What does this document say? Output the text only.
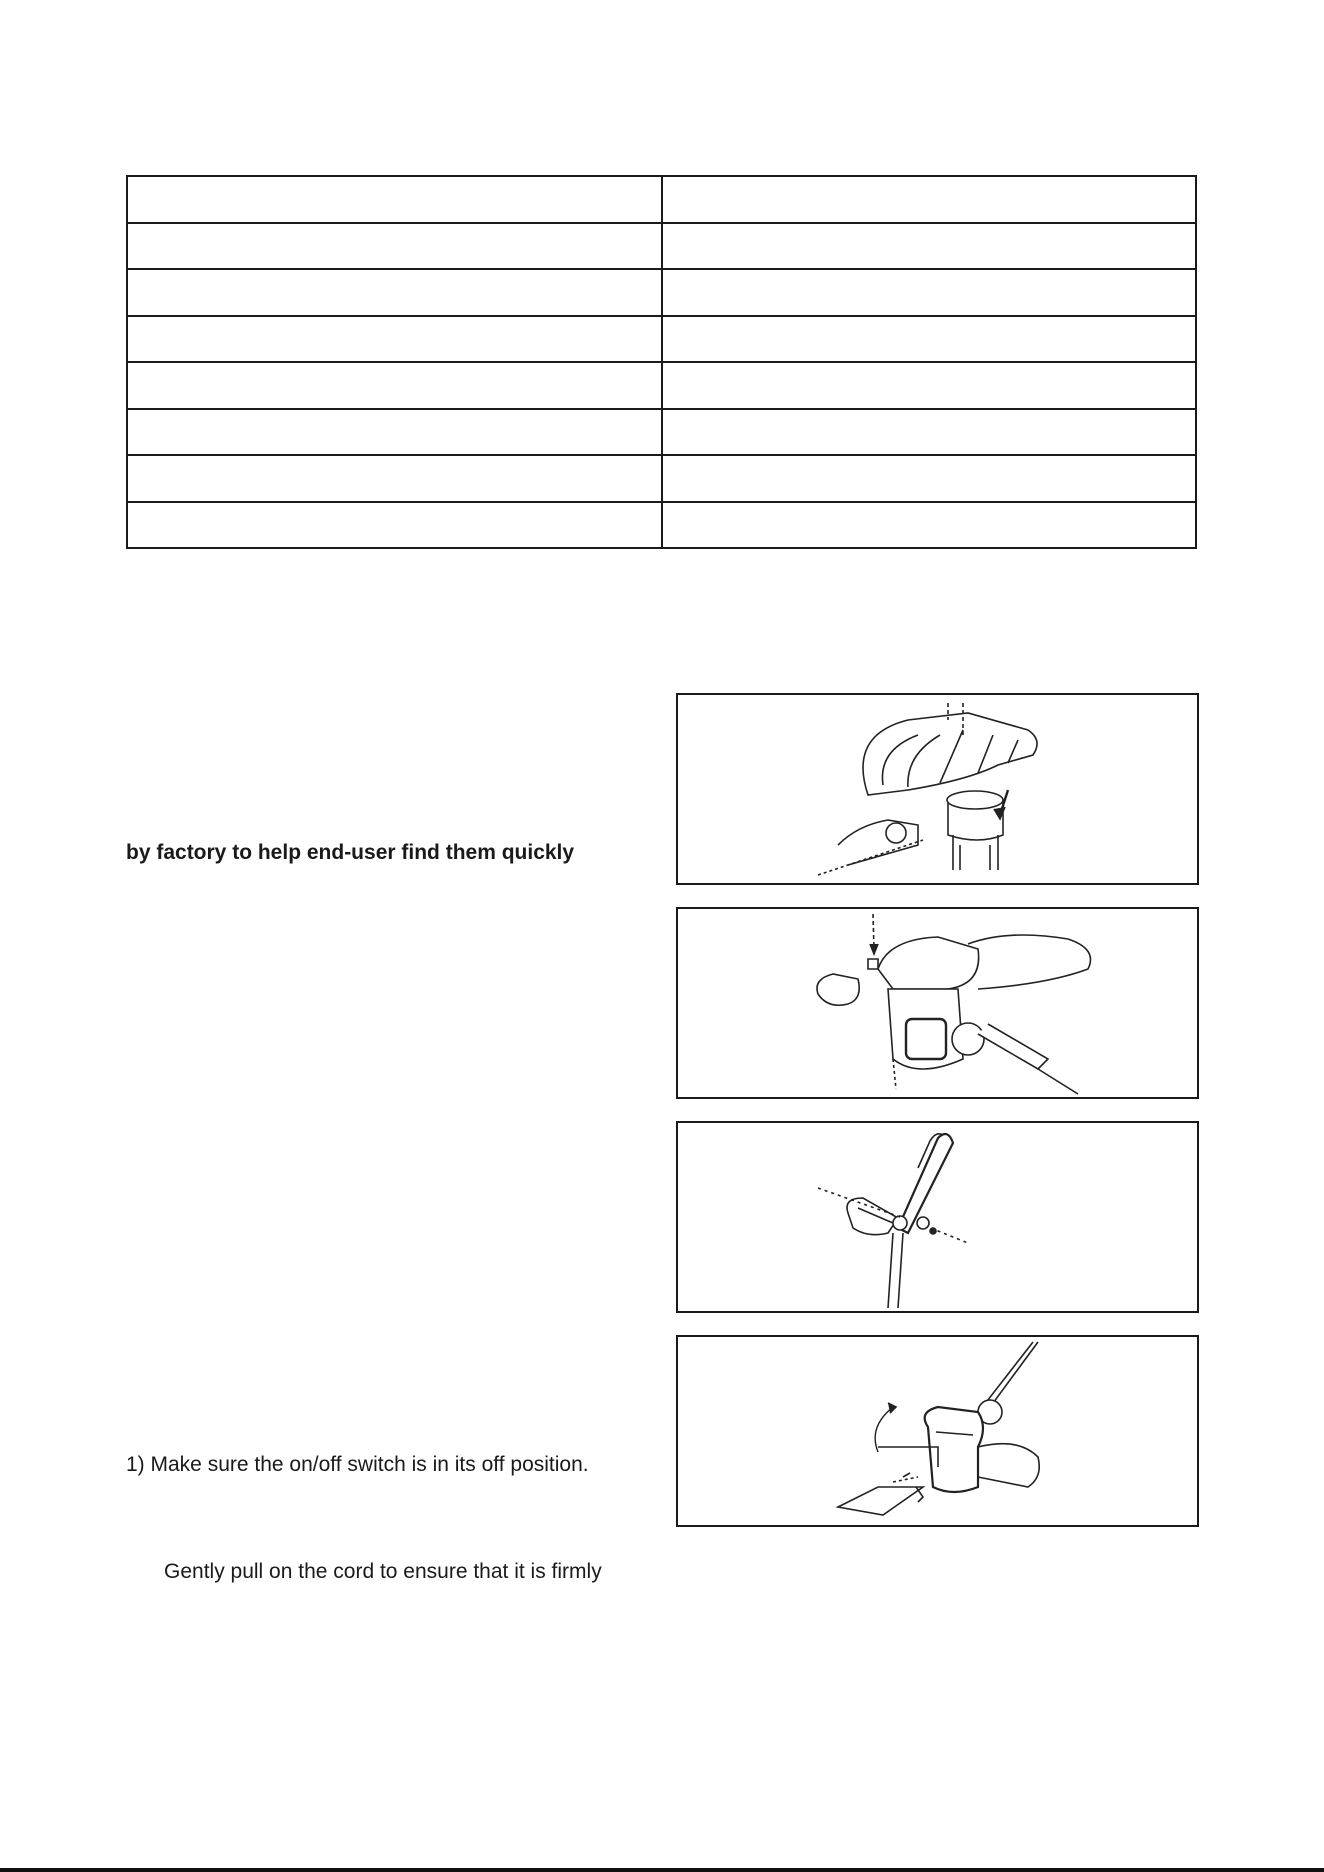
by factory to help end-user find them quickly
1) Make sure the on/off switch is in its off position.
Gently pull on the cord to ensure that it is firmly
